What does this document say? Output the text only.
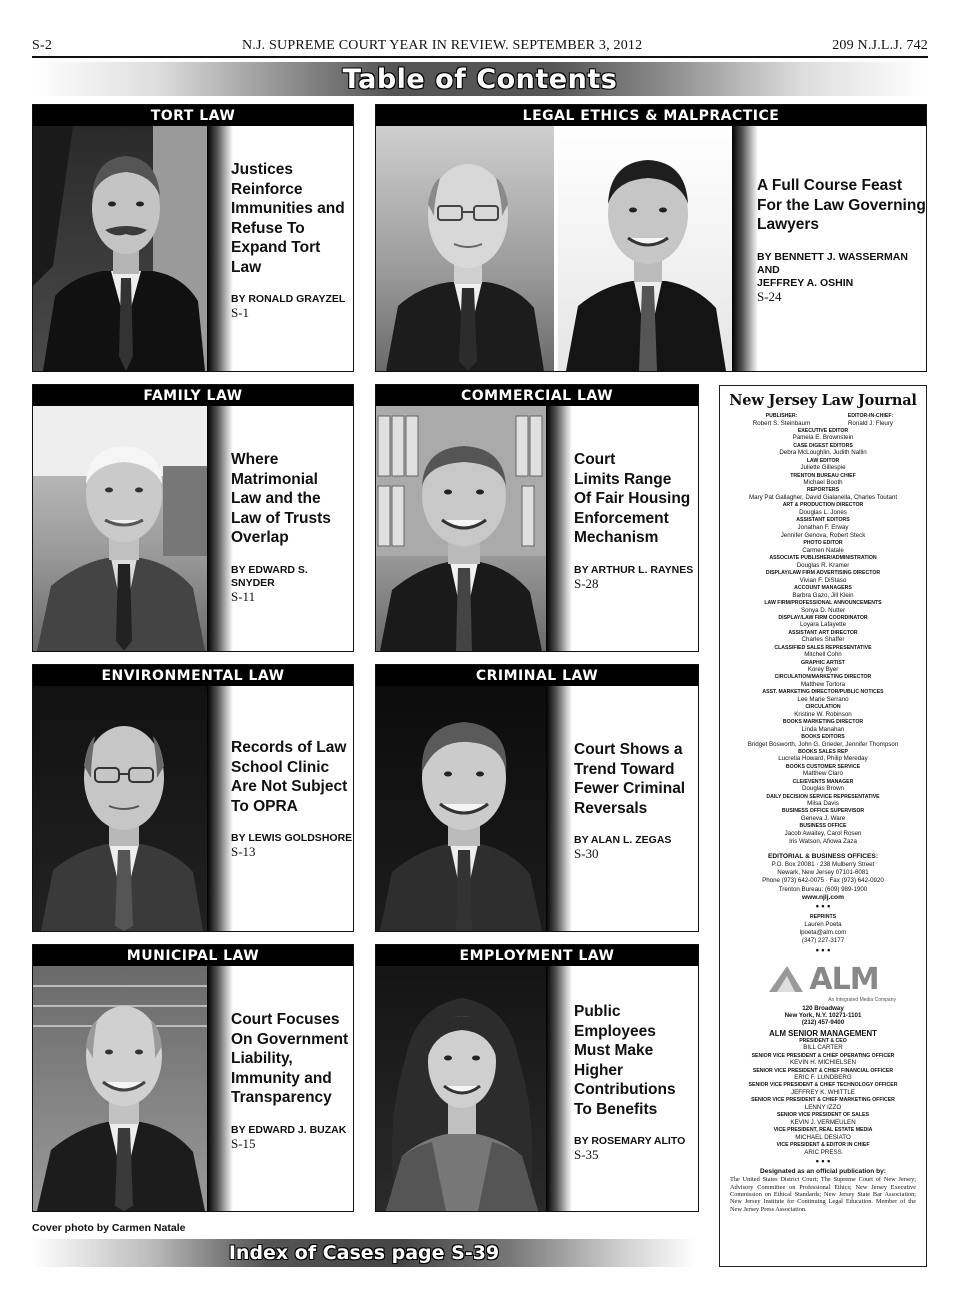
S-2	N.J. SUPREME COURT YEAR IN REVIEW. SEPTEMBER 3, 2012	209 N.J.L.J. 742
Table of Contents
TORT LAW
Justices
Reinforce
Immunities and
Refuse To
Expand Tort
Law
BY RONALD GRAYZEL
S-1
LEGAL ETHICS & MALPRACTICE
A Full Course Feast
For the Law Governing
Lawyers
BY BENNETT J. WASSERMAN
AND
JEFFREY A. OSHIN
S-24
FAMILY LAW
Where
Matrimonial
Law and the
Law of Trusts
Overlap
BY EDWARD S. SNYDER
S-11
COMMERCIAL LAW
Court
Limits Range
Of Fair Housing
Enforcement
Mechanism
BY ARTHUR L. RAYNES
S-28
ENVIRONMENTAL LAW
Records of Law
School Clinic
Are Not Subject
To OPRA
BY LEWIS GOLDSHORE
S-13
CRIMINAL LAW
Court Shows a
Trend Toward
Fewer Criminal
Reversals
BY ALAN L. ZEGAS
S-30
MUNICIPAL LAW
Court Focuses
On Government
Liability,
Immunity and
Transparency
BY EDWARD J. BUZAK
S-15
EMPLOYMENT LAW
Public
Employees
Must Make
Higher
Contributions
To Benefits
BY ROSEMARY ALITO
S-35
New Jersey Law Journal
PUBLISHER:
Robert S. Steinbaum
EDITOR-IN-CHIEF:
Ronald J. Fleury
EXECUTIVE EDITOR
Pamela E. Brownstein
CASE DIGEST EDITORS
Debra McLoughlin, Judith Nallin
LAW EDITOR
Juliette Gillespie
TRENTON BUREAU CHIEF
Michael Booth
REPORTERS
Mary Pat Gallagher, David Gialanella, Charles Toutant
ART & PRODUCTION DIRECTOR
Douglas L. Jones
ASSISTANT EDITORS
Jonathan F. Erway
Jennifer Genova, Robert Steck
PHOTO EDITOR
Carmen Natale
ASSOCIATE PUBLISHER/ADMINISTRATION
Douglas R. Kramer
DISPLAY/LAW FIRM ADVERTISING DIRECTOR
Vivian F. DiStaso
ACCOUNT MANAGERS
Barbra Gazo, Jill Klein
LAW FIRM/PROFESSIONAL ANNOUNCEMENTS
Sonya D. Nutter
DISPLAY/LAW FIRM COORDINATOR
Loyara Lafayette
ASSISTANT ART DIRECTOR
Charles Shaffer
CLASSIFIED SALES REPRESENTATIVE
Mitchell Cohn
GRAPHIC ARTIST
Korey Byer
CIRCULATION/MARKETING DIRECTOR
Matthew Tortora
ASST. MARKETING DIRECTOR/PUBLIC NOTICES
Lee Marie Serrano
CIRCULATION
Kristine W. Robinson
BOOKS MARKETING DIRECTOR
Linda Manahan
BOOKS EDITORS
Bridget Bosworth, John G. Grieder, Jennifer Thompson
BOOKS SALES REP
Lucretia Howard, Philip Mereday
BOOKS CUSTOMER SERVICE
Matthew Claro
CLE/EVENTS MANAGER
Douglas Brown
DAILY DECISION SERVICE REPRESENTATIVE
Milsa Davis
BUSINESS OFFICE SUPERVISOR
Geneva J. Ware
BUSINESS OFFICE
Jacob Awaitey, Carol Rosen
Iris Watson, Afiowa Zaza
EDITORIAL & BUSINESS OFFICES:
P.O. Box 20081 · 238 Mulberry Street
Newark, New Jersey 07101-6081
Phone (973) 642-0075 · Fax (973) 642-0920
Trenton Bureau: (609) 989-1900
www.njlj.com
• • •
REPRINTS
Lauren Poeta
lpoeta@alm.com
(347) 227-3177
• • •
ALM
An Integrated Media Company
120 Broadway
New York, N.Y. 10271-1101
(212) 457-9400
ALM SENIOR MANAGEMENT
PRESIDENT & CEO
BILL CARTER
SENIOR VICE PRESIDENT & CHIEF OPERATING OFFICER
KEVIN H. MICHIELSEN
SENIOR VICE PRESIDENT & CHIEF FINANCIAL OFFICER
ERIC F. LUNDBERG
SENIOR VICE PRESIDENT & CHIEF TECHNOLOGY OFFICER
JEFFREY K. WHITTLE
SENIOR VICE PRESIDENT & CHIEF MARKETING OFFICER
LENNY IZZO
SENIOR VICE PRESIDENT OF SALES
KEVIN J. VERMEULEN
VICE PRESIDENT, REAL ESTATE MEDIA
MICHAEL DESIATO
VICE PRESIDENT & EDITOR IN CHIEF
ARIC PRESS
• • •
Designated as an official publication by:
The United States District Court; The Supreme Court of New Jersey; Advisory Committee on Professional Ethics; New Jersey Executive Commission on Ethical Standards; New Jersey State Bar Association; New Jersey Institute for Continuing Legal Education. Member of the New Jersey Press Association.
Cover photo by Carmen Natale
Index of Cases page S-39
